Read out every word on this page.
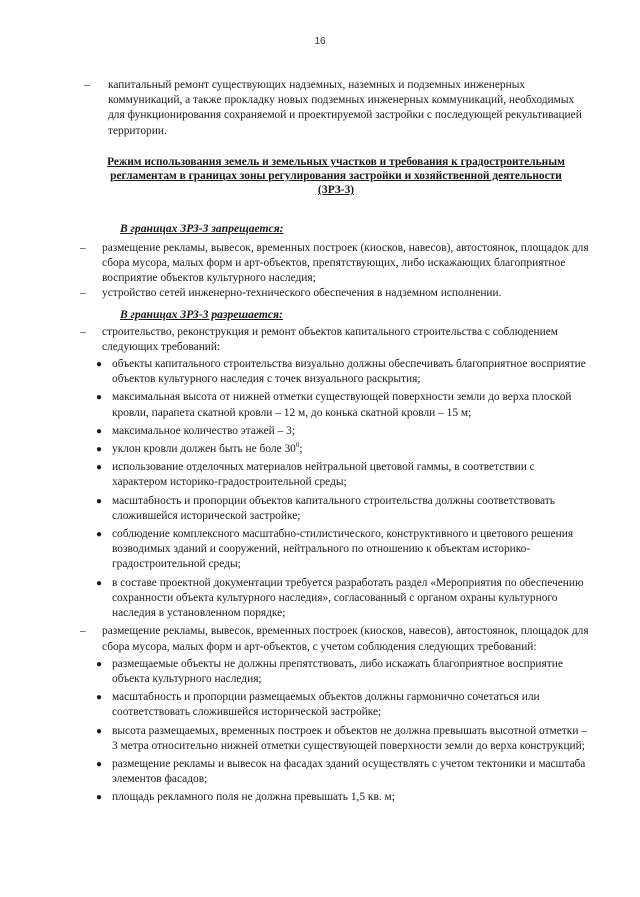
16

– капитальный ремонт существующих надземных, наземных и подземных инженерных коммуникаций, а также прокладку новых подземных инженерных коммуникаций, необходимых для функционирования сохраняемой и проектируемой застройки с последующей рекультивацией территории.

Режим использования земель и земельных участков и требования к градостроительным регламентам в границах зоны регулирования застройки и хозяйственной деятельности (ЗРЗ-3)

В границах ЗРЗ-3 запрещается:

– размещение рекламы, вывесок, временных построек (киосков, навесов), автостоянок, площадок для сбора мусора, малых форм и арт-объектов, препятствующих, либо искажающих благоприятное восприятие объектов культурного наследия;

– устройство сетей инженерно-технического обеспечения в надземном исполнении.

В границах ЗРЗ-3 разрешается:

– строительство, реконструкция и ремонт объектов капитального строительства с соблюдением следующих требований:

● объекты капитального строительства визуально должны обеспечивать благоприятное восприятие объектов культурного наследия с точек визуального раскрытия;
● максимальная высота от нижней отметки существующей поверхности земли до верха плоской кровли, парапета скатной кровли – 12 м, до конька скатной кровли – 15 м;
● максимальное количество этажей – 3;
● уклон кровли должен быть не боле $30^0$;
● использование отделочных материалов нейтральной цветовой гаммы, в соответствии с характером историко-градостроительной среды;
● масштабность и пропорции объектов капитального строительства должны соответствовать сложившейся исторической застройке;
● соблюдение комплексного масштабно-стилистического, конструктивного и цветового решения возводимых зданий и сооружений, нейтрального по отношению к объектам историко-градостроительной среды;
● в составе проектной документации требуется разработать раздел «Мероприятия по обеспечению сохранности объекта культурного наследия», согласованный с органом охраны культурного наследия в установленном порядке;

– размещение рекламы, вывесок, временных построек (киосков, навесов), автостоянок, площадок для сбора мусора, малых форм и арт-объектов, с учетом соблюдения следующих требований:

● размещаемые объекты не должны препятствовать, либо искажать благоприятное восприятие объекта культурного наследия;
● масштабность и пропорции размещаемых объектов должны гармонично сочетаться или соответствовать сложившейся исторической застройке;
● высота размещаемых, временных построек и объектов не должна превышать высотной отметки – 3 метра относительно нижней отметки существующей поверхности земли до верха конструкций;
● размещение рекламы и вывесок на фасадах зданий осуществлять с учетом тектоники и масштаба элементов фасадов;
● площадь рекламного поля не должна превышать 1,5 кв. м;
